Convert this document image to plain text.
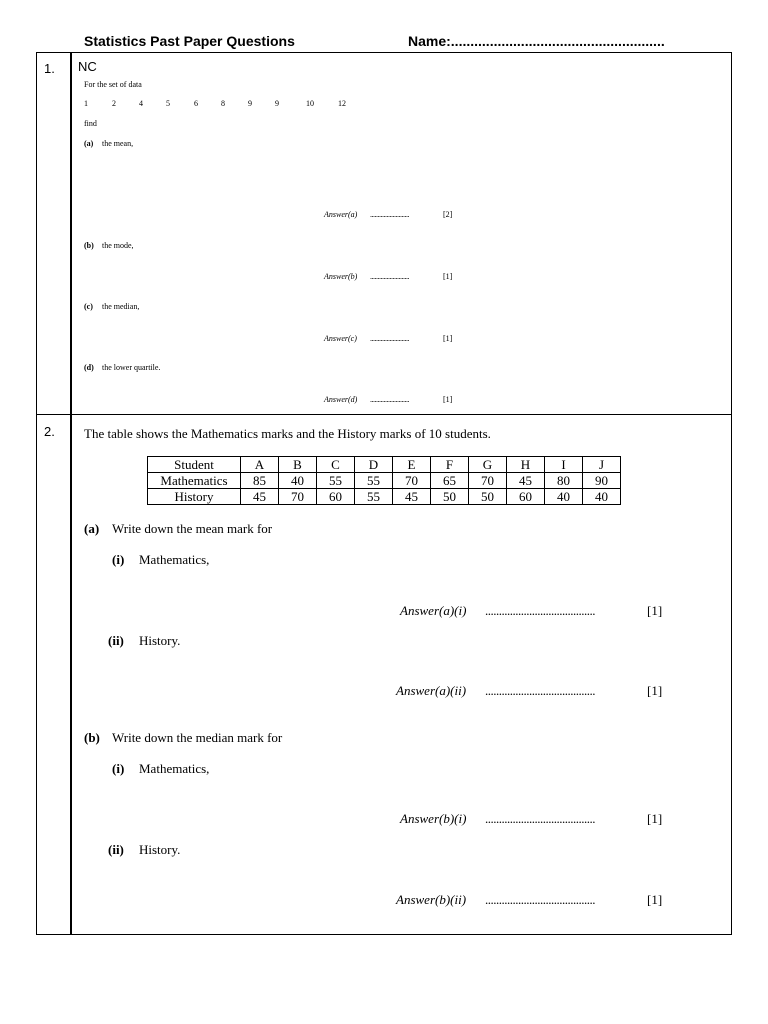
Statistics Past Paper Questions	Name:.......................................................
1. NC
For the set of data
1	2	4	5	6	8	9	9	10	12
find
(a) the mean,
Answer(a) ..........................	[2]
(b) the mode,
Answer(b) ..........................	[1]
(c) the median,
Answer(c) ..........................	[1]
(d) the lower quartile.
Answer(d) ..........................	[1]
2. The table shows the Mathematics marks and the History marks of 10 students.
Student	A	B	C	D	E	F	G	H	I	J
Mathematics	85	40	55	55	70	65	70	45	80	90
History	45	70	60	55	45	50	50	60	40	40
(a) Write down the mean mark for
(i) Mathematics,
Answer(a)(i) ........................................	[1]
(ii) History.
Answer(a)(ii) ........................................	[1]
(b) Write down the median mark for
(i) Mathematics,
Answer(b)(i) ........................................	[1]
(ii) History.
Answer(b)(ii) ........................................	[1]
